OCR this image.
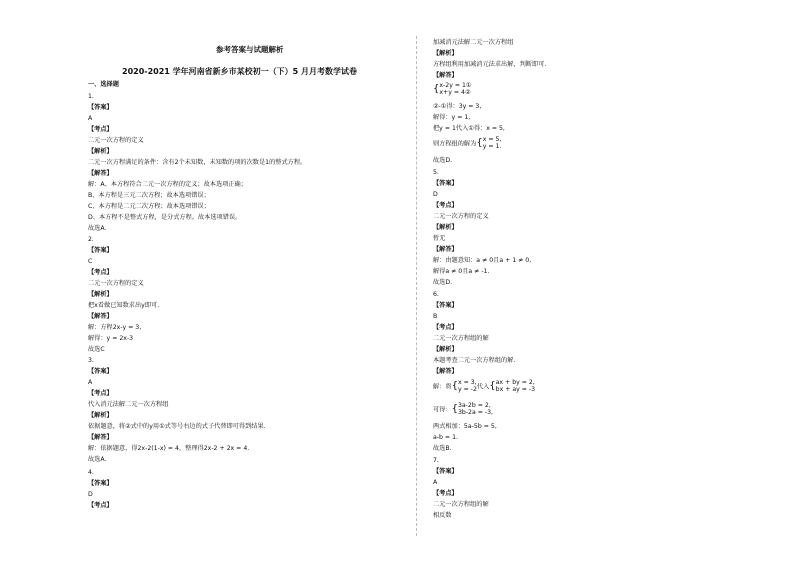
参考答案与试题解析
2020-2021 学年河南省新乡市某校初一（下）5 月月考数学试卷
一、选择题
1.
【答案】
A
【考点】
二元一次方程的定义
【解析】
二元一次方程满足的条件：含有2个未知数，未知数的项的次数是1的整式方程。
【解答】
解：A、本方程符合二元一次方程的定义；故本选项正确；
B、本方程是三元二次方程；故本选项错误；
C、本方程是二元二次方程；故本选项错误；
D、本方程不是整式方程，是分式方程。故本选项错误。
故选A.
2.
【答案】
C
【考点】
二元一次方程的定义
【解析】
把x看做已知数求出y即可.
【解答】
解：方程2x-y = 3,
解得：y = 2x-3
故选C
3.
【答案】
A
【考点】
代入消元法解二元一次方程组
【解析】
依据题意，将②式中的y用①式等号右边的式子代替即可得到结果.
【解答】
解：依据题意，得2x-2(1-x) = 4，整理得2x-2 + 2x = 4.
故选A.
4.
【答案】
D
【考点】
加减消元法解二元一次方程组
【解析】
方程组利用加减消元法求出解，判断即可.
【解答】
{ x-2y = 1①
x+y = 4②
②-①得：3y = 3,
解得：y = 1,
把y = 1代入①得：x = 5,
则方程组的解为{ x = 5,
y = 1.
故选D.
5.
【答案】
D
【考点】
二元一次方程的定义
【解析】
暂无
【解答】
解：由题意知：a ≠ 0且a + 1 ≠ 0,
解得a ≠ 0且a ≠ -1.
故选D.
6.
【答案】
B
【考点】
二元一次方程组的解
【解析】
本题考查二元一次方程组的解.
【解答】
解：将{ x = 3,
y = -2 代入{ ax + by = 2,
bx + ay = -3
可得：{ 3a-2b = 2,
3b-2a = -3,
两式相加：5a-5b = 5,
a-b = 1.
故选B.
7.
【答案】
A
【考点】
二元一次方程组的解
相反数
